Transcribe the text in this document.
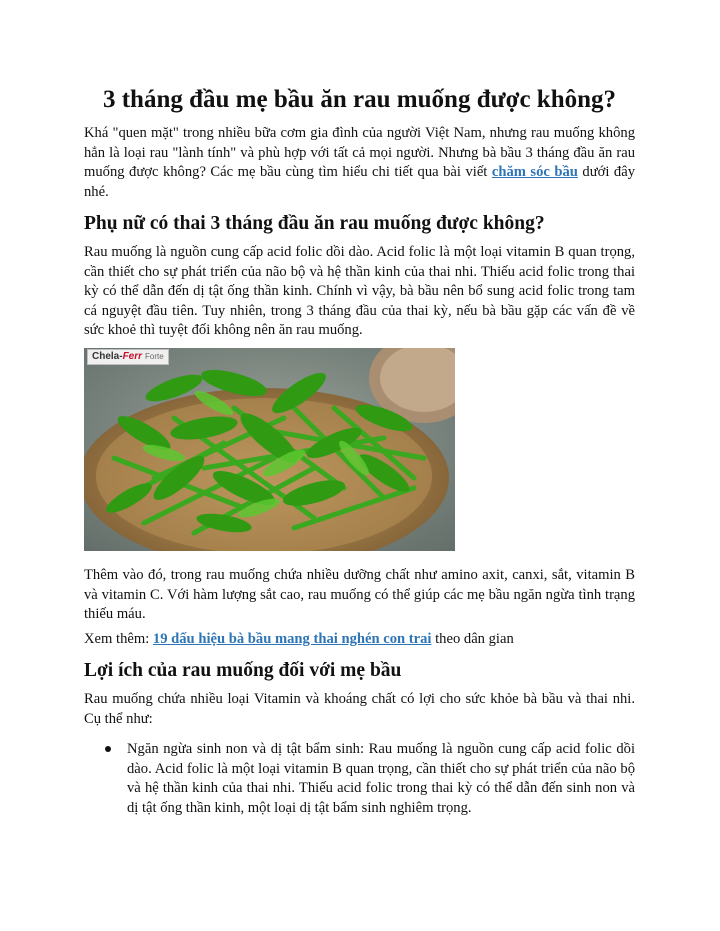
3 tháng đầu mẹ bầu ăn rau muống được không?

Khá "quen mặt" trong nhiều bữa cơm gia đình của người Việt Nam, nhưng rau muống không hẳn là loại rau "lành tính" và phù hợp với tất cả mọi người. Nhưng bà bầu 3 tháng đầu ăn rau muống được không? Các mẹ bầu cùng tìm hiểu chi tiết qua bài viết chăm sóc bầu dưới đây nhé.

Phụ nữ có thai 3 tháng đầu ăn rau muống được không?

Rau muống là nguồn cung cấp acid folic dồi dào. Acid folic là một loại vitamin B quan trọng, cần thiết cho sự phát triển của não bộ và hệ thần kinh của thai nhi. Thiếu acid folic trong thai kỳ có thể dẫn đến dị tật ống thần kinh. Chính vì vậy, bà bầu nên bổ sung acid folic trong tam cá nguyệt đầu tiên. Tuy nhiên, trong 3 tháng đầu của thai kỳ, nếu bà bầu gặp các vấn đề về sức khoẻ thì tuyệt đối không nên ăn rau muống.

Chela-Ferr Forte

Thêm vào đó, trong rau muống chứa nhiều dưỡng chất như amino axit, canxi, sắt, vitamin B và vitamin C. Với hàm lượng sắt cao, rau muống có thể giúp các mẹ bầu ngăn ngừa tình trạng thiếu máu.

Xem thêm: 19 dấu hiệu bà bầu mang thai nghén con trai theo dân gian

Lợi ích của rau muống đối với mẹ bầu

Rau muống chứa nhiều loại Vitamin và khoáng chất có lợi cho sức khỏe bà bầu và thai nhi. Cụ thể như:

Ngăn ngừa sinh non và dị tật bẩm sinh: Rau muống là nguồn cung cấp acid folic dồi dào. Acid folic là một loại vitamin B quan trọng, cần thiết cho sự phát triển của não bộ và hệ thần kinh của thai nhi. Thiếu acid folic trong thai kỳ có thể dẫn đến sinh non và dị tật ống thần kinh, một loại dị tật bẩm sinh nghiêm trọng.
